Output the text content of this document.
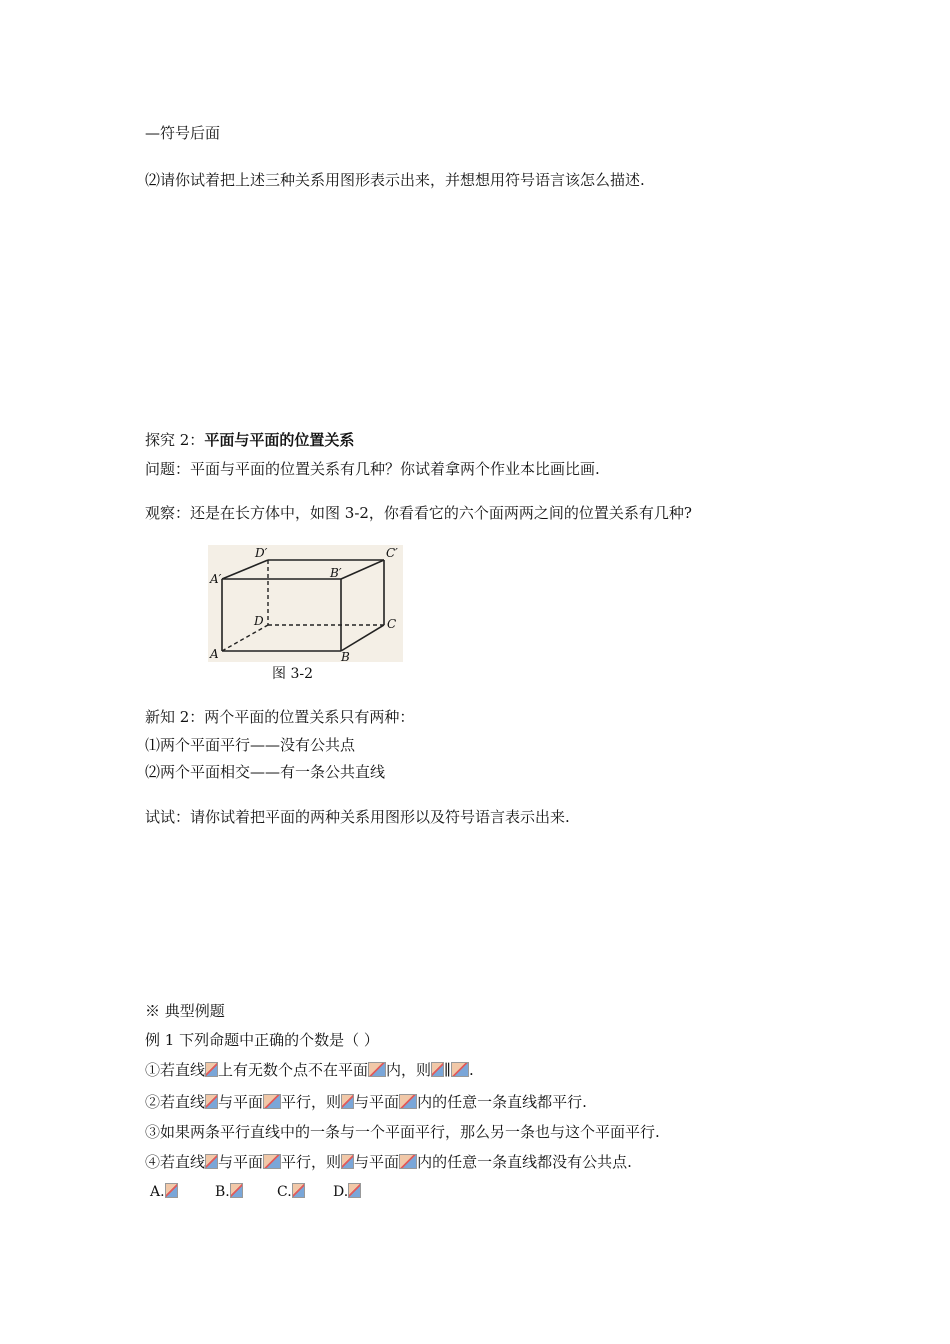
—符号后面
⑵请你试着把上述三种关系用图形表示出来，并想想用符号语言该怎么描述.
探究 2：平面与平面的位置关系
问题：平面与平面的位置关系有几种？你试着拿两个作业本比画比画.
观察：还是在长方体中，如图 3-2，你看看它的六个面两两之间的位置关系有几种?
D′	C′
A′	B′
D	C
A	B
图 3-2
新知 2：两个平面的位置关系只有两种：
⑴两个平面平行——没有公共点
⑵两个平面相交——有一条公共直线
试试：请你试着把平面的两种关系用图形以及符号语言表示出来.
※ 典型例题
例 1 下列命题中正确的个数是（ ）
①若直线 上有无数个点不在平面 内，则 ∥ .
②若直线 与平面 平行，则 与平面 内的任意一条直线都平行.
③如果两条平行直线中的一条与一个平面平行，那么另一条也与这个平面平行.
④若直线 与平面 平行，则 与平面 内的任意一条直线都没有公共点.
A.	B.	C.	D.
